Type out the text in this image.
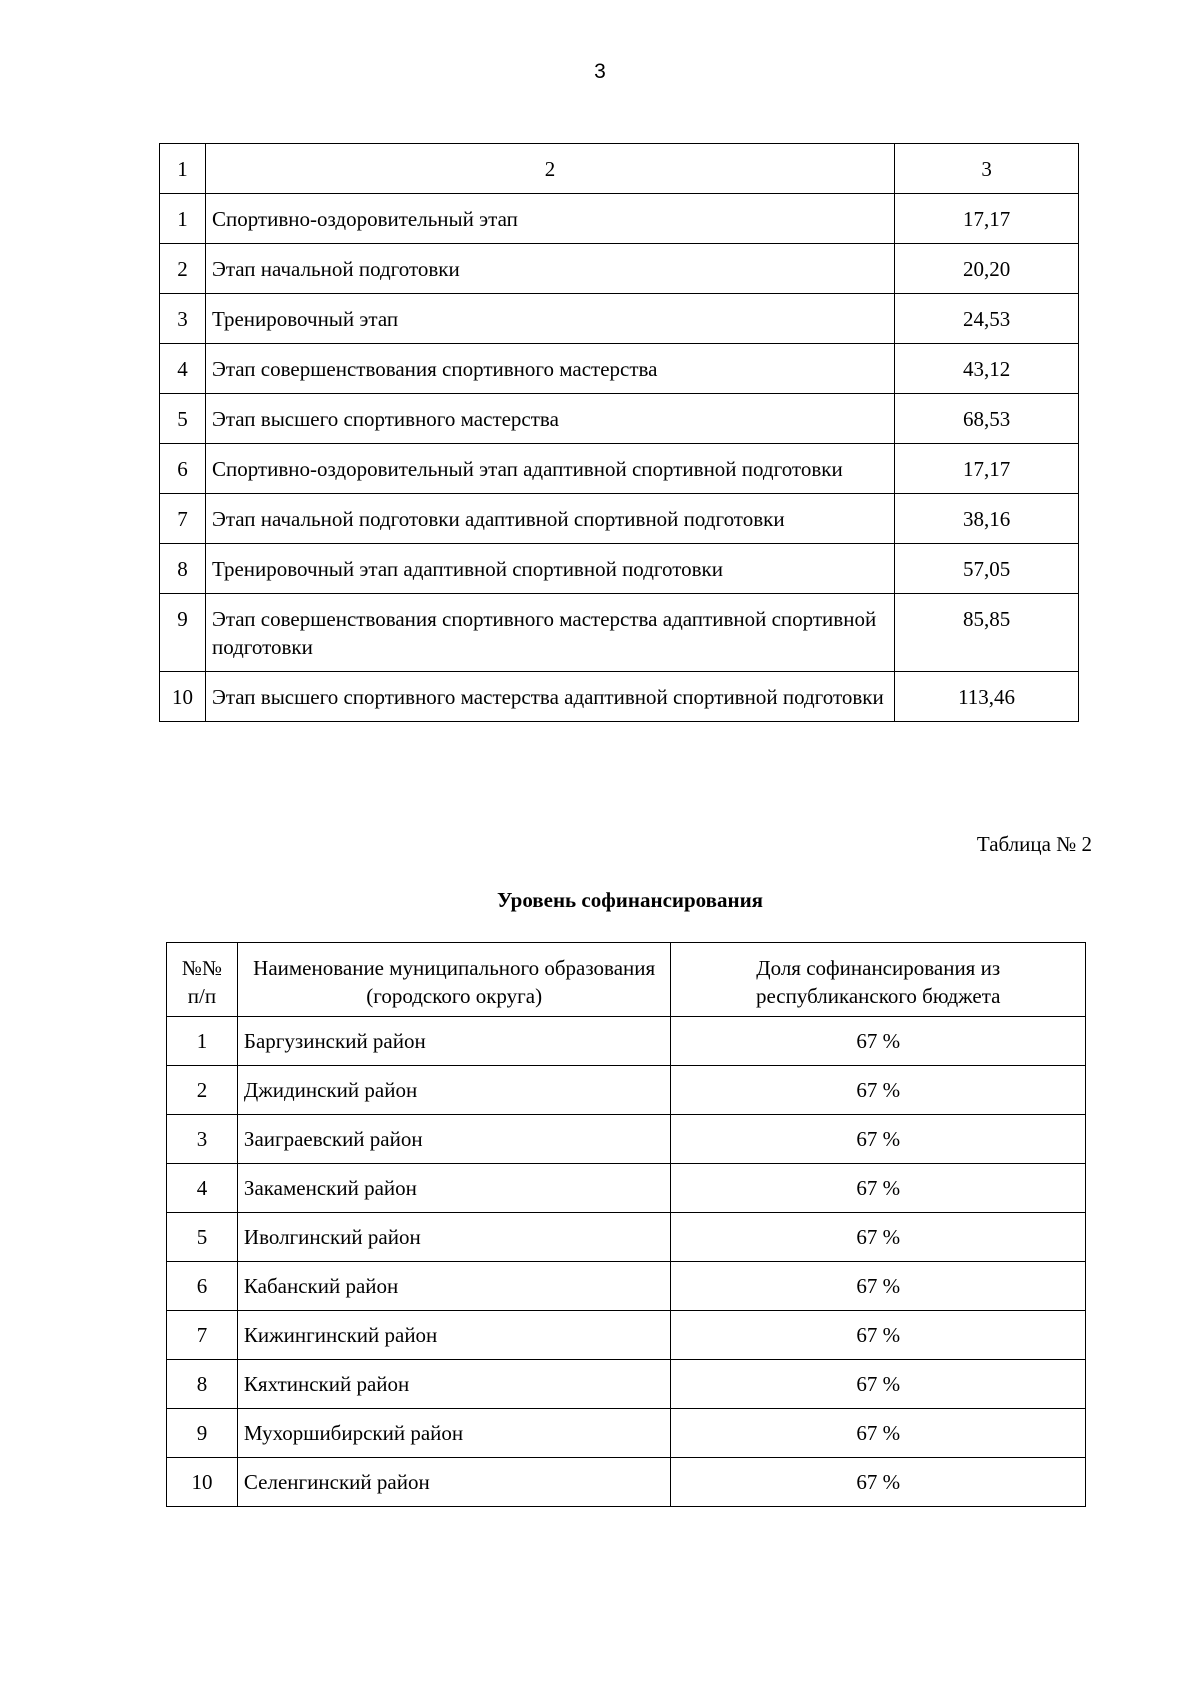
3
1	2	3
1	Спортивно-оздоровительный этап	17,17
2	Этап начальной подготовки	20,20
3	Тренировочный этап	24,53
4	Этап совершенствования спортивного мастерства	43,12
5	Этап высшего спортивного мастерства	68,53
6	Спортивно-оздоровительный этап адаптивной спортивной подготовки	17,17
7	Этап начальной подготовки адаптивной спортивной подготовки	38,16
8	Тренировочный этап адаптивной спортивной подготовки	57,05
9	Этап совершенствования спортивного мастерства адаптивной спортивной подготовки	85,85
10	Этап высшего спортивного мастерства адаптивной спортивной подготовки	113,46
Таблица № 2
Уровень софинансирования
№№ п/п	Наименование муниципального образования (городского округа)	Доля софинансирования из республиканского бюджета
1	Баргузинский район	67 %
2	Джидинский район	67 %
3	Заиграевский район	67 %
4	Закаменский район	67 %
5	Иволгинский район	67 %
6	Кабанский район	67 %
7	Кижингинский район	67 %
8	Кяхтинский район	67 %
9	Мухоршибирский район	67 %
10	Селенгинский район	67 %
